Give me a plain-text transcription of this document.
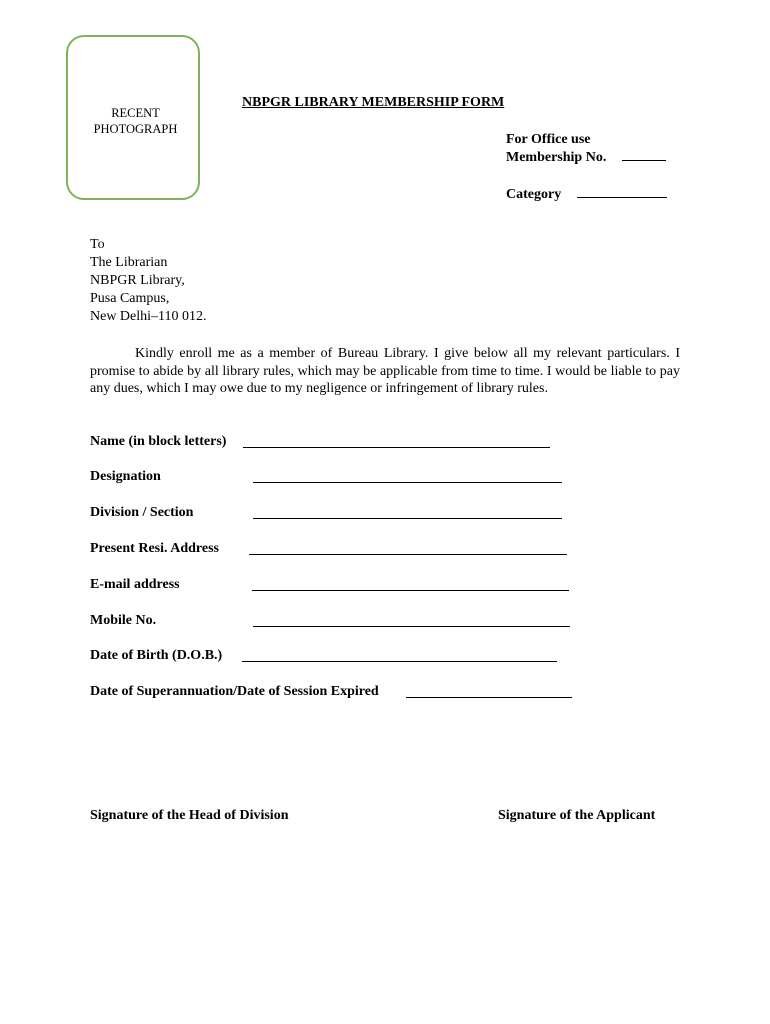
RECENT
PHOTOGRAPH
NBPGR LIBRARY MEMBERSHIP FORM
For Office use
Membership No.
Category
To
The Librarian
NBPGR Library,
Pusa Campus,
New Delhi–110 012.
Kindly enroll me as a member of Bureau Library. I give below all my relevant particulars. I promise to abide by all library rules, which may be applicable from time to time. I would be liable to pay any dues, which I may owe due to my negligence or infringement of library rules.
Name (in block letters)
Designation
Division / Section
Present Resi. Address
E-mail address
Mobile No.
Date of Birth (D.O.B.)
Date of Superannuation/Date of Session Expired
Signature of the Head of Division	Signature of the Applicant
